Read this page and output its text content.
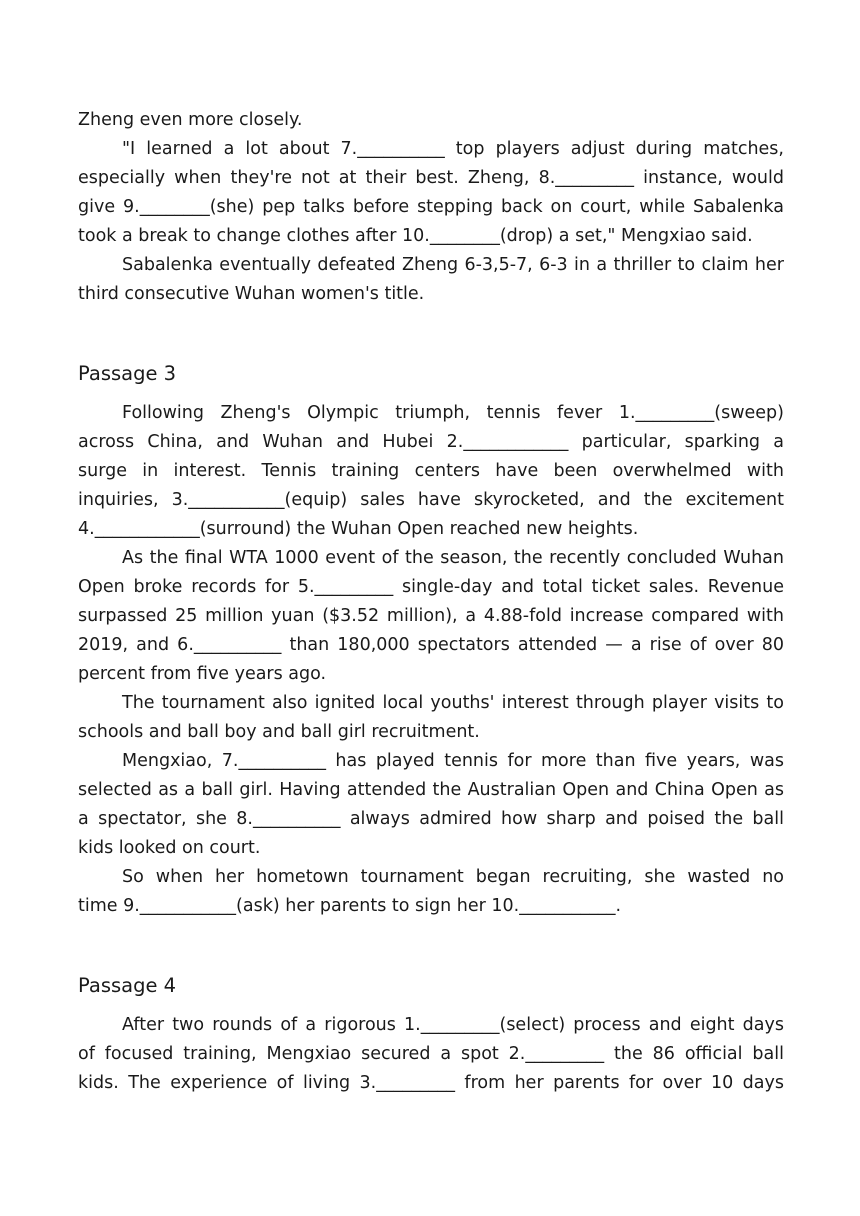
Zheng even more closely.
"I learned a lot about 7.__________ top players adjust during matches,
especially when they're not at their best. Zheng, 8._________ instance, would
give 9.________(she) pep talks before stepping back on court, while Sabalenka
took a break to change clothes after 10.________(drop) a set," Mengxiao said.
Sabalenka eventually defeated Zheng 6-3,5-7, 6-3 in a thriller to claim her
third consecutive Wuhan women's title.
Passage 3
Following Zheng's Olympic triumph, tennis fever 1._________(sweep)
across China, and Wuhan and Hubei 2.____________ particular, sparking a
surge in interest. Tennis training centers have been overwhelmed with
inquiries, 3.___________(equip) sales have skyrocketed, and the excitement
4.____________(surround) the Wuhan Open reached new heights.
As the final WTA 1000 event of the season, the recently concluded Wuhan
Open broke records for 5._________ single-day and total ticket sales. Revenue
surpassed 25 million yuan ($3.52 million), a 4.88-fold increase compared with
2019, and 6.__________ than 180,000 spectators attended — a rise of over 80
percent from five years ago.
The tournament also ignited local youths' interest through player visits to
schools and ball boy and ball girl recruitment.
Mengxiao, 7.__________ has played tennis for more than five years, was
selected as a ball girl. Having attended the Australian Open and China Open as
a spectator, she 8.__________ always admired how sharp and poised the ball
kids looked on court.
So when her hometown tournament began recruiting, she wasted no
time 9.___________(ask) her parents to sign her 10.___________.
Passage 4
After two rounds of a rigorous 1._________(select) process and eight days
of focused training, Mengxiao secured a spot 2._________ the 86 official ball
kids. The experience of living 3._________ from her parents for over 10 days
